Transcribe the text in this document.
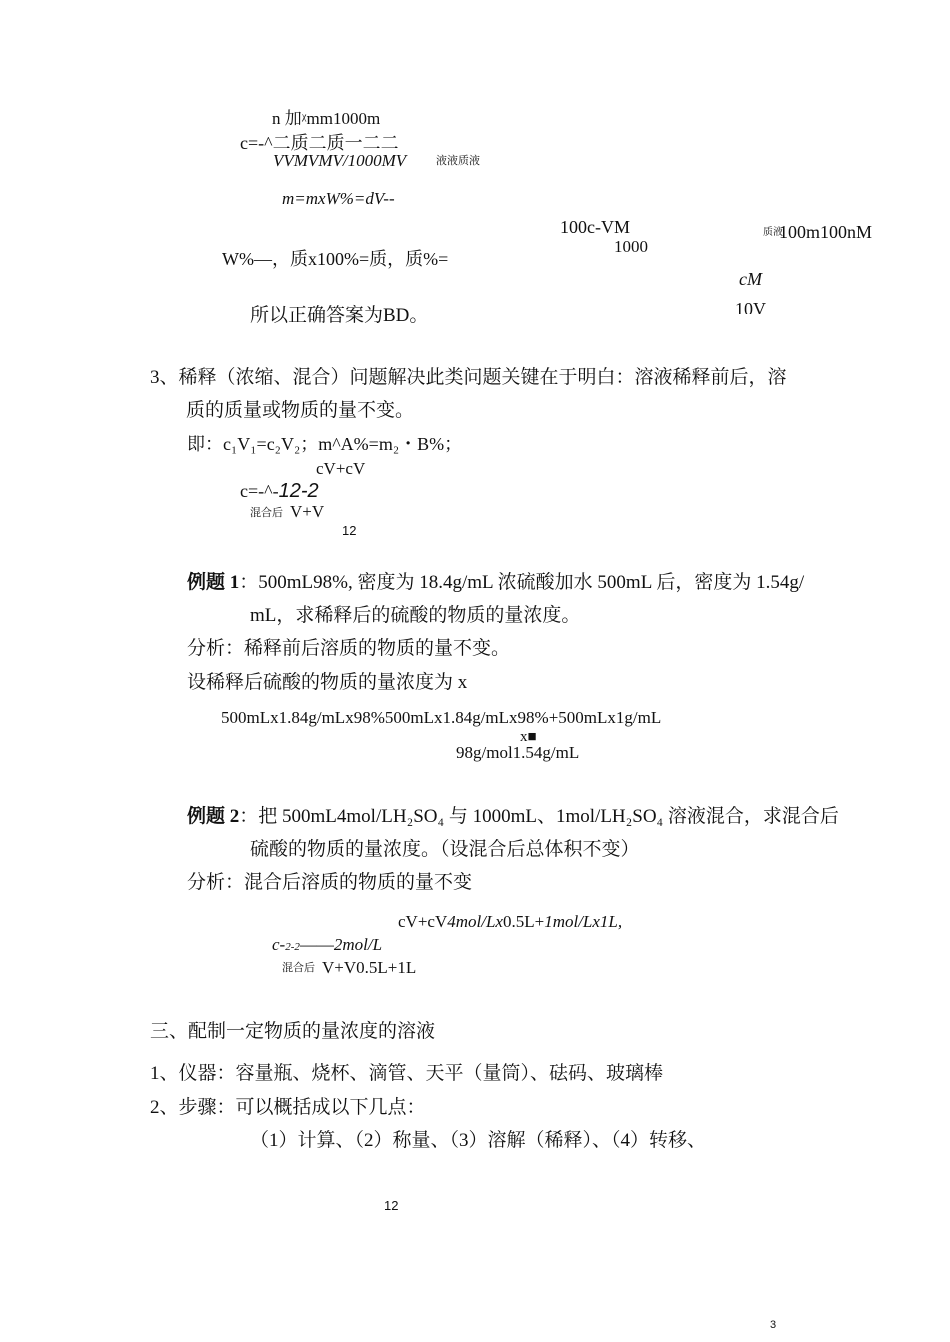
n 加ᵡmm1000m
c=-^二质二质一二二
VVMVMV/1000MV	液液质液
m=mxW%=dV--
100c-VM
1000
质液
100m100nM
cM
10V
W%—，质x100%=质，质%=
所以正确答案为BD。
3、稀释（浓缩、混合）问题解决此类问题关键在于明白：溶液稀释前后，溶
质的质量或物质的量不变。
即：c₁V₁=c₂V₂；m^A%=m₂・B%；
cV+cV
c=-^-12-2
混合后 V+V
12
例题 1：500mL98%, 密度为 18.4g/mL 浓硫酸加水 500mL 后，密度为 1.54g/
mL，求稀释后的硫酸的物质的量浓度。
分析：稀释前后溶质的物质的量不变。
设稀释后硫酸的物质的量浓度为 x
500mLx1.84g/mLx98%500mLx1.84g/mLx98%+500mLx1g/mL
x■
98g/mol1.54g/mL
例题 2：把 500mL4mol/LH₂SO₄ 与 1000mL、1mol/LH₂SO₄ 溶液混合，求混合后
硫酸的物质的量浓度。（设混合后总体积不变）
分析：混合后溶质的物质的量不变
cV+cV4mol/Lx0.5L+1mol/Lx1L,
c-2-2——2mol/L
混合后 V+V0.5L+1L
三、配制一定物质的量浓度的溶液
1、仪器：容量瓶、烧杯、滴管、天平（量筒）、砝码、玻璃棒
2、步骤：可以概括成以下几点：
（1）计算、（2）称量、（3）溶解（稀释）、（4）转移、
12
3
